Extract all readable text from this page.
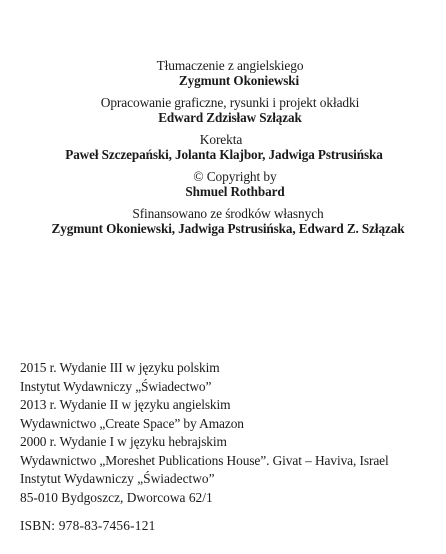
Tłumaczenie z angielskiego
Zygmunt Okoniewski
Opracowanie graficzne, rysunki i projekt okładki
Edward Zdzisław Szłązak
Korekta
Paweł Szczepański, Jolanta Klajbor, Jadwiga Pstrusińska
© Copyright by
Shmuel Rothbard
Sfinansowano ze środków własnych
Zygmunt Okoniewski, Jadwiga Pstrusińska, Edward Z. Szłązak
2015 r. Wydanie III w języku polskim
Instytut Wydawniczy „Świadectwo”
2013 r. Wydanie II w języku angielskim
Wydawnictwo „Create Space” by Amazon
2000 r. Wydanie I w języku hebrajskim
Wydawnictwo „Moreshet Publications House”. Givat – Haviva, Israel
Instytut Wydawniczy „Świadectwo”
85-010 Bydgoszcz, Dworcowa 62/1
ISBN: 978-83-7456-121
